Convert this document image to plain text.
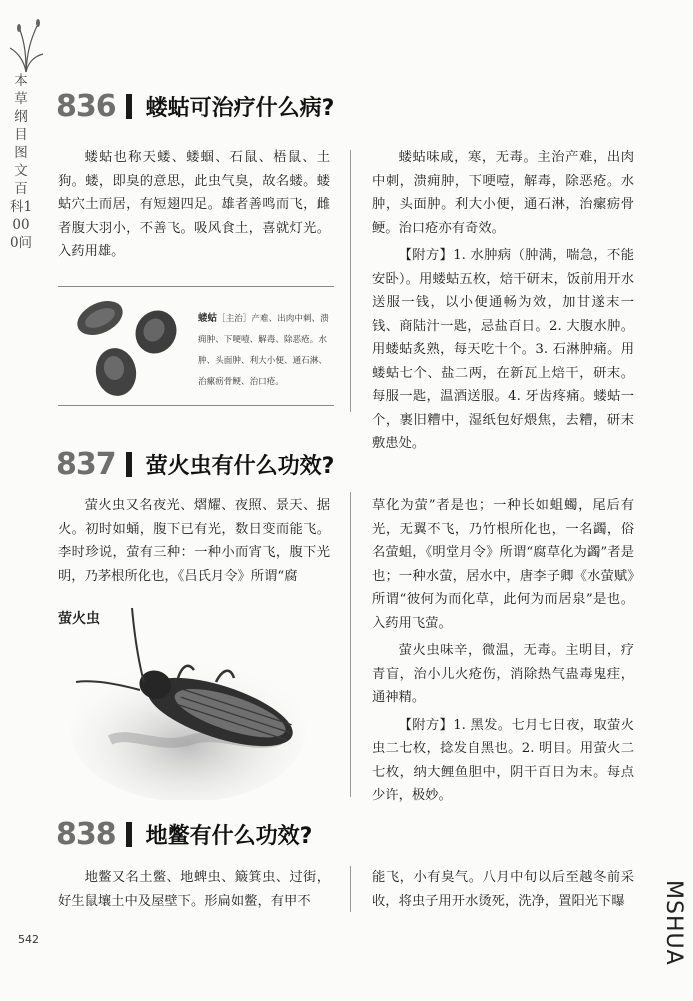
本草纲目图文百科1000问
836 蝼蛄可治疗什么病?

蝼蛄也称天蝼、蝼蝈、石鼠、梧鼠、土狗。蝼，即臭的意思，此虫气臭，故名蝼。蝼蛄穴土而居，有短翅四足。雄者善鸣而飞，雌者腹大羽小，不善飞。吸风食土，喜就灯光。入药用雄。

蝼蛄［主治］产难、出肉中刺、溃痈肿、下哽噎、解毒、除恶疮。水肿、头面肿、利大小便、通石淋、治瘰疬骨鲠、治口疮。

蝼蛄味咸，寒，无毒。主治产难，出肉中刺，溃痈肿，下哽噎，解毒，除恶疮。水肿，头面肿。利大小便，通石淋，治瘰疬骨鲠。治口疮亦有奇效。

【附方】1. 水肿病（肿满，喘急，不能安卧）。用蝼蛄五枚，焙干研末，饭前用开水送服一钱，以小便通畅为效，加甘遂末一钱、商陆汁一匙，忌盐百日。2. 大腹水肿。用蝼蛄炙熟，每天吃十个。3. 石淋肿痛。用蝼蛄七个、盐二两，在新瓦上焙干，研末。每服一匙，温酒送服。4. 牙齿疼痛。蝼蛄一个，裹旧糟中，湿纸包好煨焦，去糟，研末敷患处。

837 萤火虫有什么功效?

萤火虫又名夜光、熠耀、夜照、景天、据火。初时如蛹，腹下已有光，数日变而能飞。李时珍说，萤有三种：一种小而宵飞，腹下光明，乃茅根所化也，《吕氏月令》所谓“腐

萤火虫

草化为萤”者是也；一种长如蛆蠋，尾后有光，无翼不飞，乃竹根所化也，一名蠲，俗名萤蛆，《明堂月令》所谓“腐草化为蠲”者是也；一种水萤，居水中，唐李子卿《水萤赋》所谓“彼何为而化草，此何为而居泉”是也。入药用飞萤。

萤火虫味辛，微温，无毒。主明目，疗青盲，治小儿火疮伤，消除热气蛊毒鬼疰，通神精。

【附方】1. 黑发。七月七日夜，取萤火虫二七枚，捻发自黑也。2. 明目。用萤火二七枚，纳大鲤鱼胆中，阴干百日为末。每点少许，极妙。

838 地鳖有什么功效?

地鳖又名土鳖、地蜱虫、簸箕虫、过街，好生鼠壤土中及屋壁下。形扁如鳖，有甲不

能飞，小有臭气。八月中旬以后至越冬前采收，将虫子用开水烫死，洗净，置阳光下曝

542	MSHUA
